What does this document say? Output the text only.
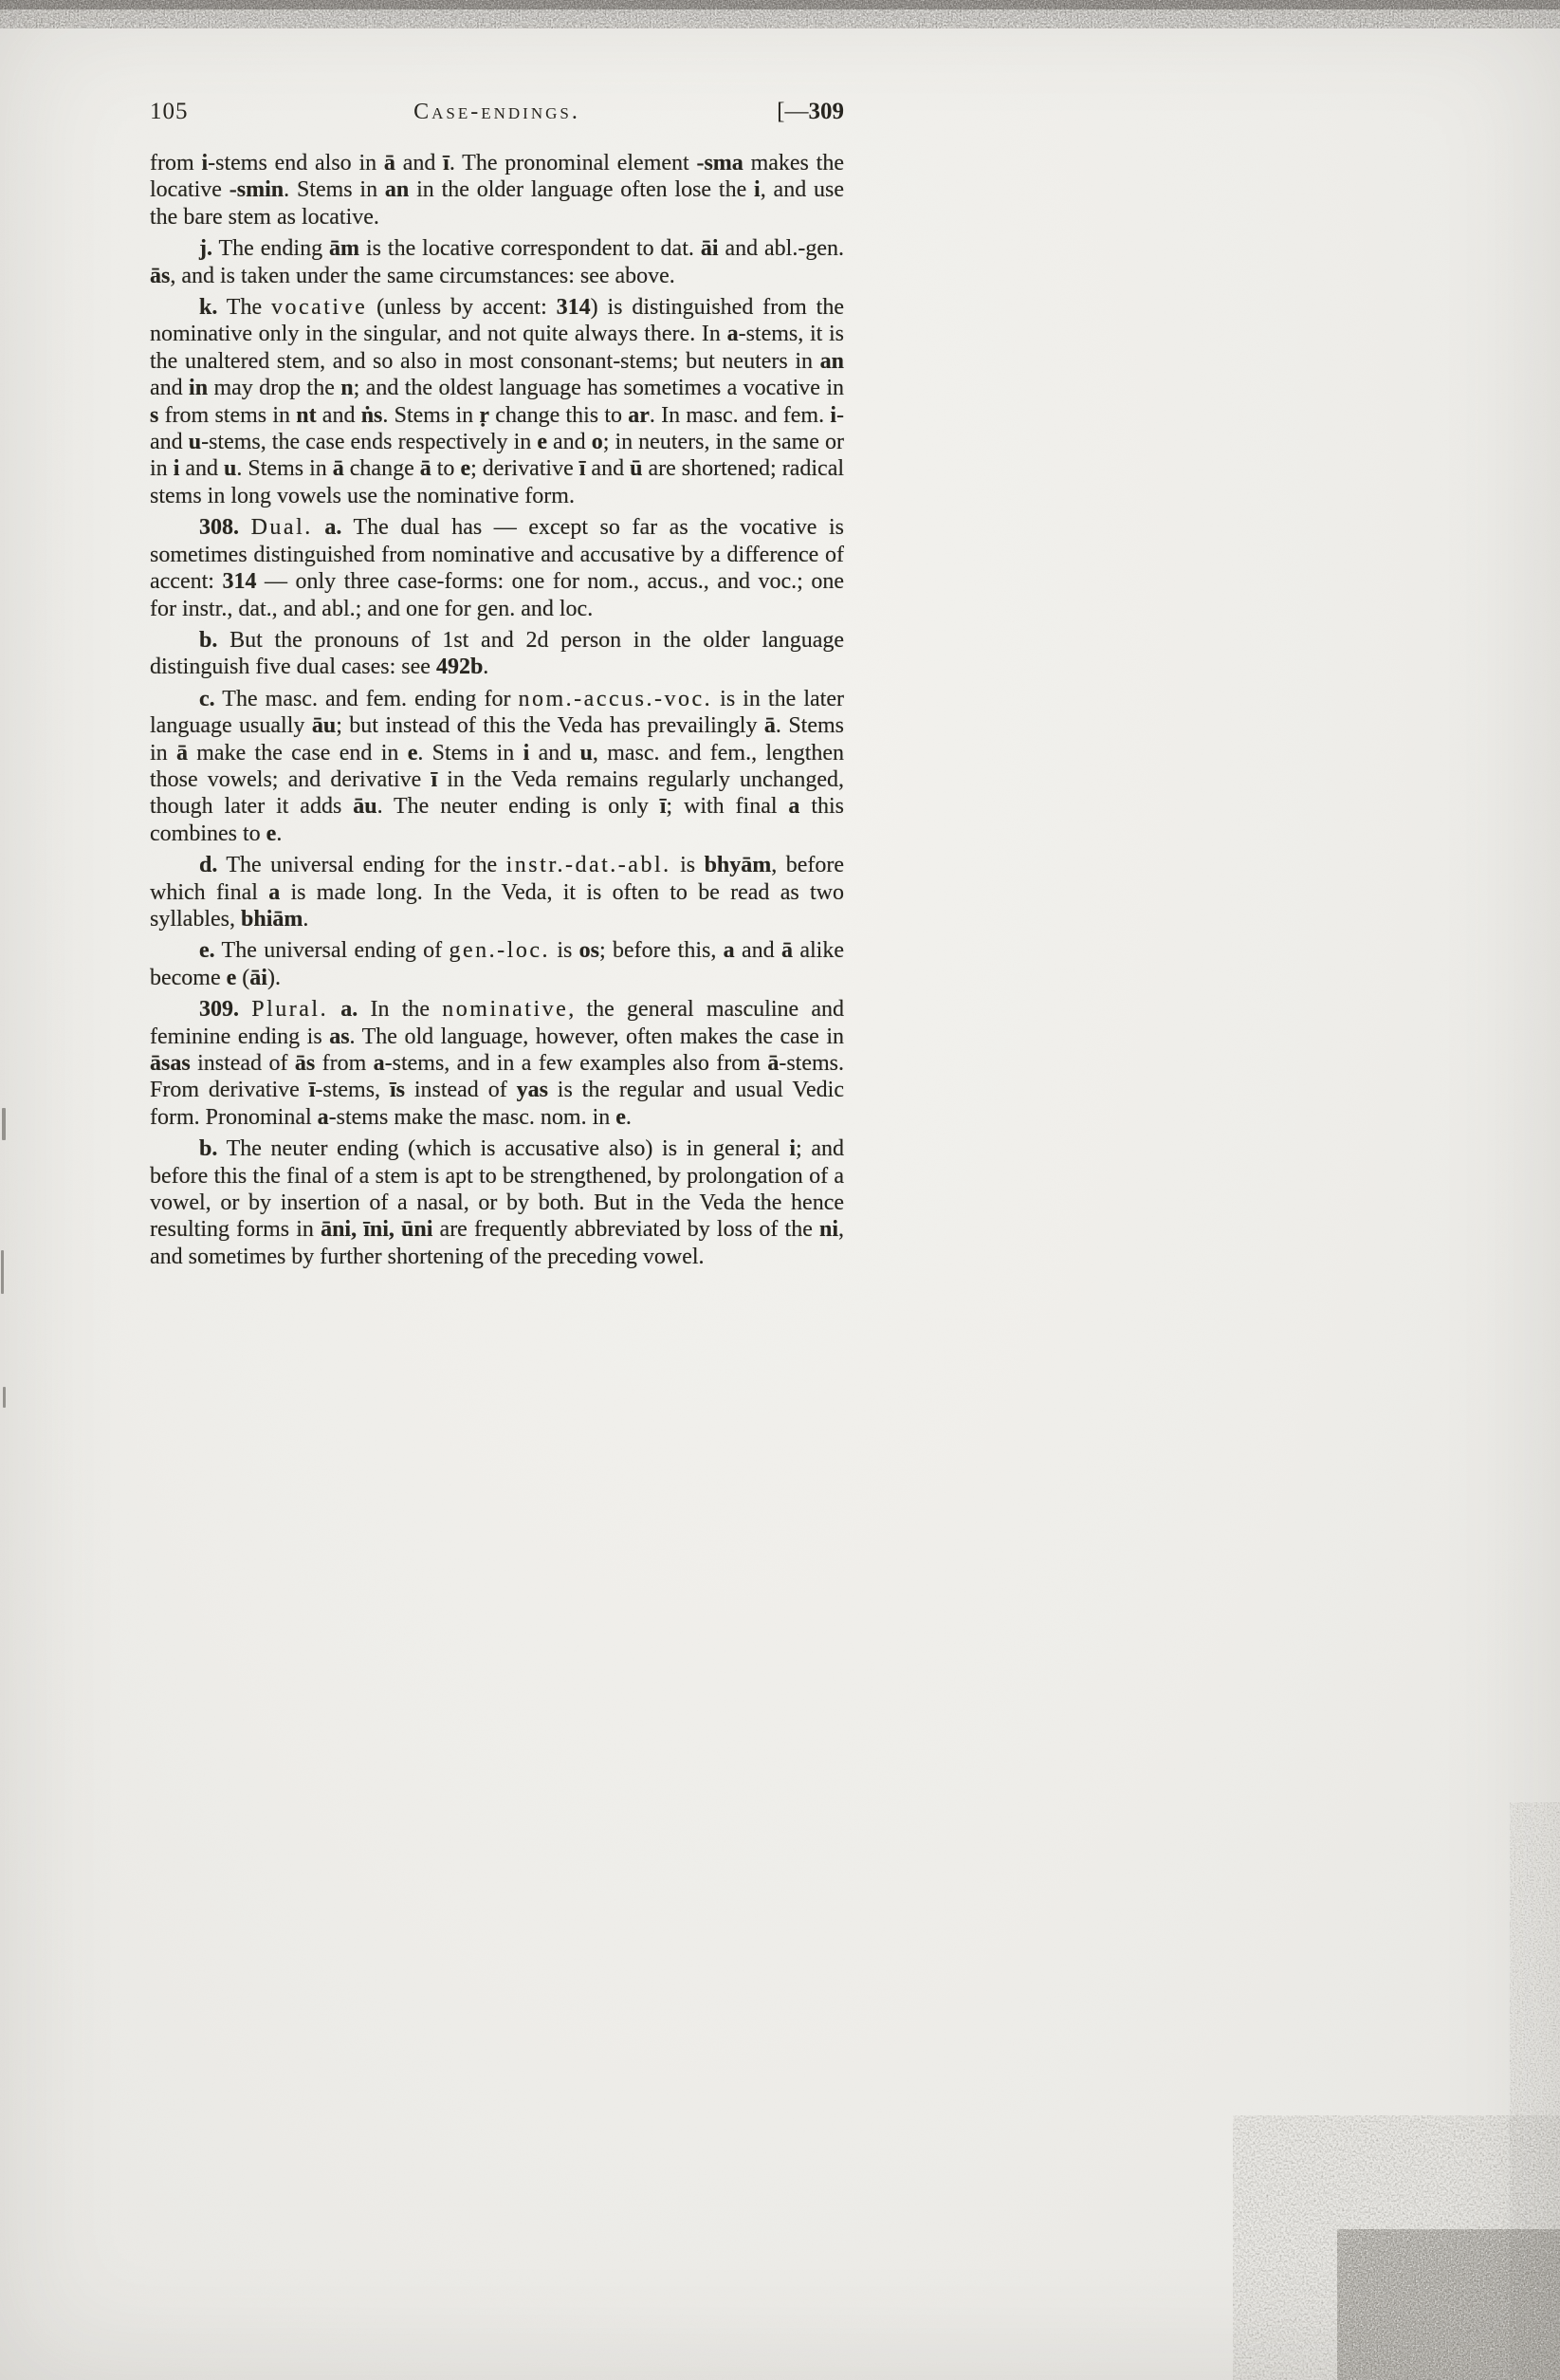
105	Case-endings.	[—309

from i-stems end also in ā and ī. The pronominal element -sma makes the locative -smin. Stems in an in the older language often lose the i, and use the bare stem as locative.

j. The ending ām is the locative correspondent to dat. āi and abl.-gen. ās, and is taken under the same circumstances: see above.

k. The vocative (unless by accent: 314) is distinguished from the nominative only in the singular, and not quite always there. In a-stems, it is the unaltered stem, and so also in most consonant-stems; but neuters in an and in may drop the n; and the oldest language has sometimes a vocative in s from stems in nt and ṅs. Stems in ṛ change this to ar. In masc. and fem. i- and u-stems, the case ends respectively in e and o; in neuters, in the same or in i and u. Stems in ā change ā to e; derivative ī and ū are shortened; radical stems in long vowels use the nominative form.

308. Dual. a. The dual has — except so far as the vocative is sometimes distinguished from nominative and accusative by a difference of accent: 314 — only three case-forms: one for nom., accus., and voc.; one for instr., dat., and abl.; and one for gen. and loc.

b. But the pronouns of 1st and 2d person in the older language distinguish five dual cases: see 492b.

c. The masc. and fem. ending for nom.-accus.-voc. is in the later language usually āu; but instead of this the Veda has prevailingly ā. Stems in ā make the case end in e. Stems in i and u, masc. and fem., lengthen those vowels; and derivative ī in the Veda remains regularly unchanged, though later it adds āu. The neuter ending is only ī; with final a this combines to e.

d. The universal ending for the instr.-dat.-abl. is bhyām, before which final a is made long. In the Veda, it is often to be read as two syllables, bhiām.

e. The universal ending of gen.-loc. is os; before this, a and ā alike become e (āi).

309. Plural. a. In the nominative, the general masculine and feminine ending is as. The old language, however, often makes the case in āsas instead of ās from a-stems, and in a few examples also from ā-stems. From derivative ī-stems, īs instead of yas is the regular and usual Vedic form. Pronominal a-stems make the masc. nom. in e.

b. The neuter ending (which is accusative also) is in general i; and before this the final of a stem is apt to be strengthened, by prolongation of a vowel, or by insertion of a nasal, or by both. But in the Veda the hence resulting forms in āni, īni, ūni are frequently abbreviated by loss of the ni, and sometimes by further shortening of the preceding vowel.
